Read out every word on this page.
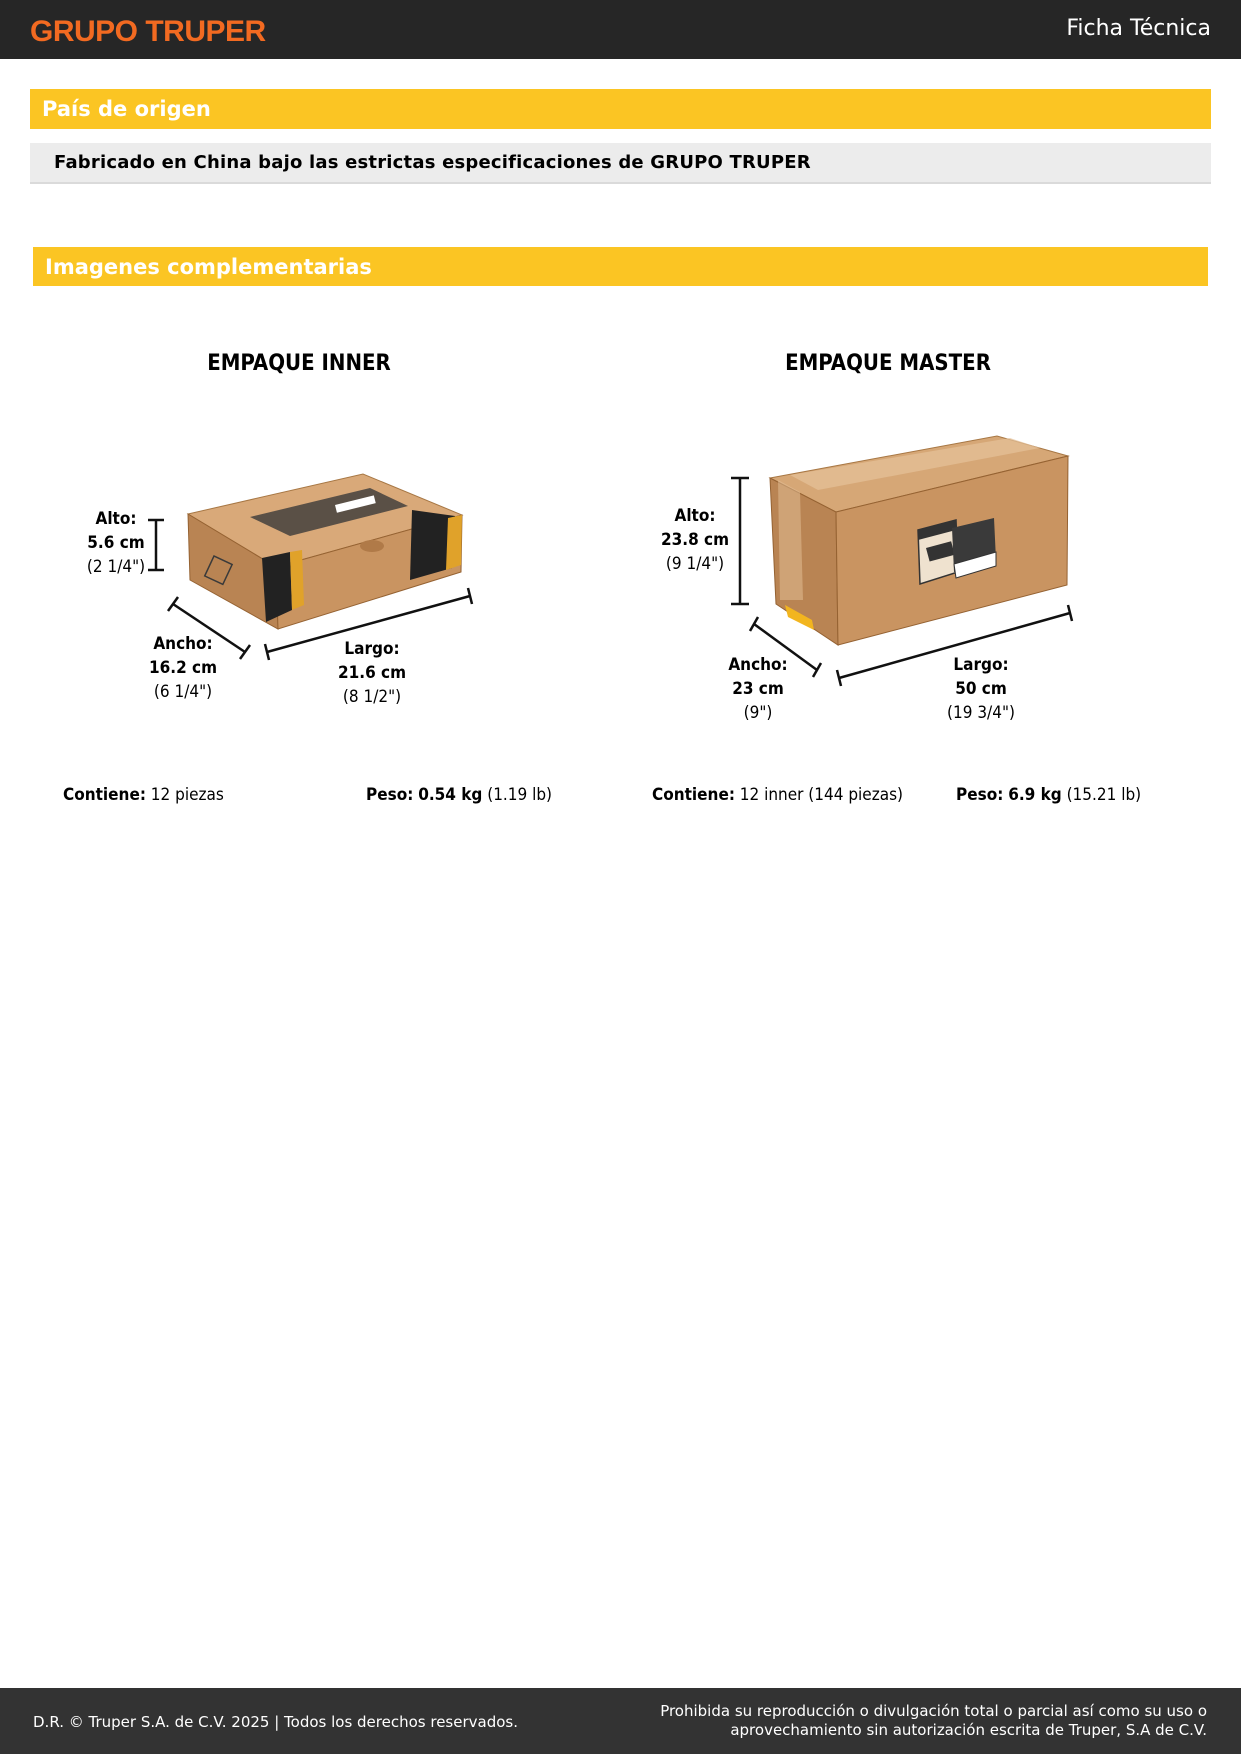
GRUPO TRUPER	Ficha Técnica
País de origen
Fabricado en China bajo las estrictas especificaciones de GRUPO TRUPER
Imagenes complementarias
EMPAQUE INNER
Alto:
5.6 cm
(2 1/4")
Ancho:
16.2 cm
(6 1/4")
Largo:
21.6 cm
(8 1/2")
Contiene: 12 piezas	Peso: 0.54 kg (1.19 lb)
EMPAQUE MASTER
Alto:
23.8 cm
(9 1/4")
Ancho:
23 cm
(9")
Largo:
50 cm
(19 3/4")
Contiene: 12 inner (144 piezas)	Peso: 6.9 kg (15.21 lb)
D.R. © Truper S.A. de C.V. 2025 | Todos los derechos reservados.
Prohibida su reproducción o divulgación total o parcial así como su uso o
aprovechamiento sin autorización escrita de Truper, S.A de C.V.
